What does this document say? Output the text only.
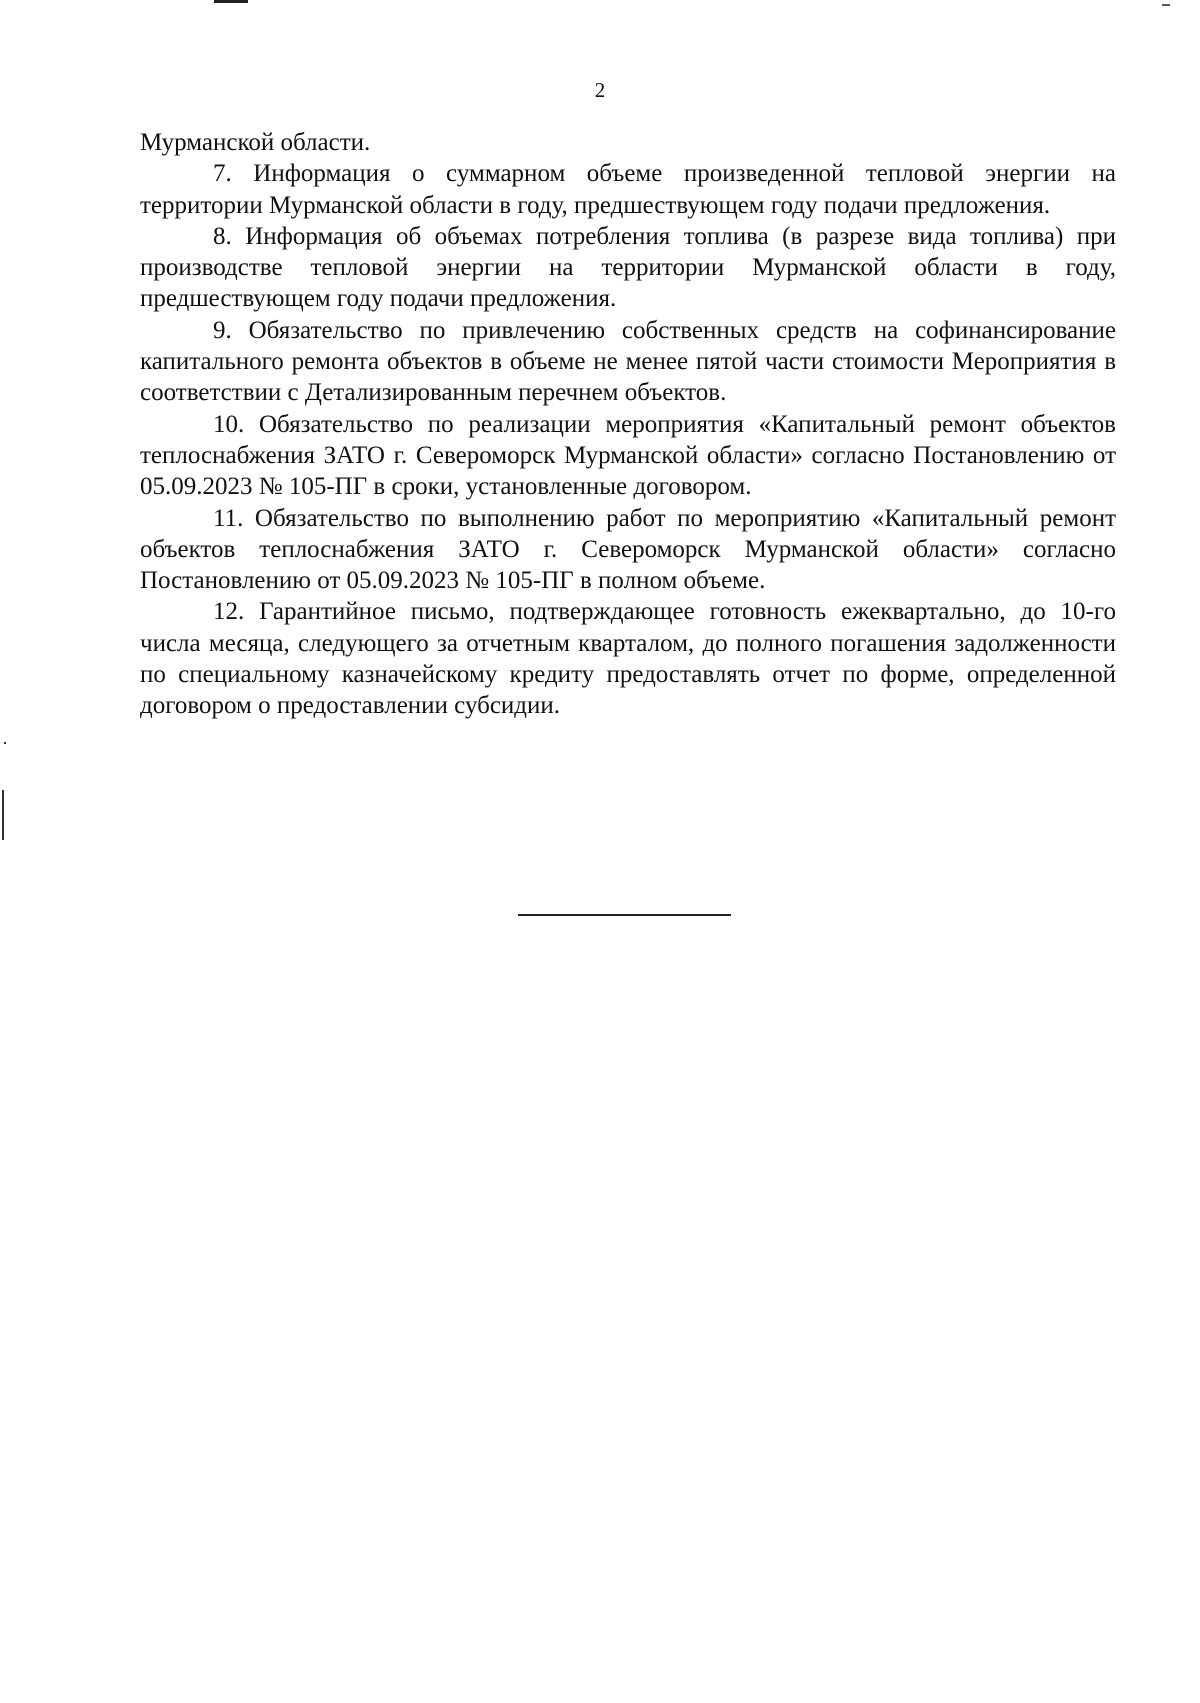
2

Мурманской области.

7. Информация о суммарном объеме произведенной тепловой энергии на территории Мурманской области в году, предшествующем году подачи предложения.

8. Информация об объемах потребления топлива (в разрезе вида топлива) при производстве тепловой энергии на территории Мурманской области в году, предшествующем году подачи предложения.

9. Обязательство по привлечению собственных средств на софинансирование капитального ремонта объектов в объеме не менее пятой части стоимости Мероприятия в соответствии с Детализированным перечнем объектов.

10. Обязательство по реализации мероприятия «Капитальный ремонт объектов теплоснабжения ЗАТО г. Североморск Мурманской области» согласно Постановлению от 05.09.2023 № 105-ПГ в сроки, установленные договором.

11. Обязательство по выполнению работ по мероприятию «Капитальный ремонт объектов теплоснабжения ЗАТО г. Североморск Мурманской области» согласно Постановлению от 05.09.2023 № 105-ПГ в полном объеме.

12. Гарантийное письмо, подтверждающее готовность ежеквартально, до 10-го числа месяца, следующего за отчетным кварталом, до полного погашения задолженности по специальному казначейскому кредиту предоставлять отчет по форме, определенной договором о предоставлении субсидии.
